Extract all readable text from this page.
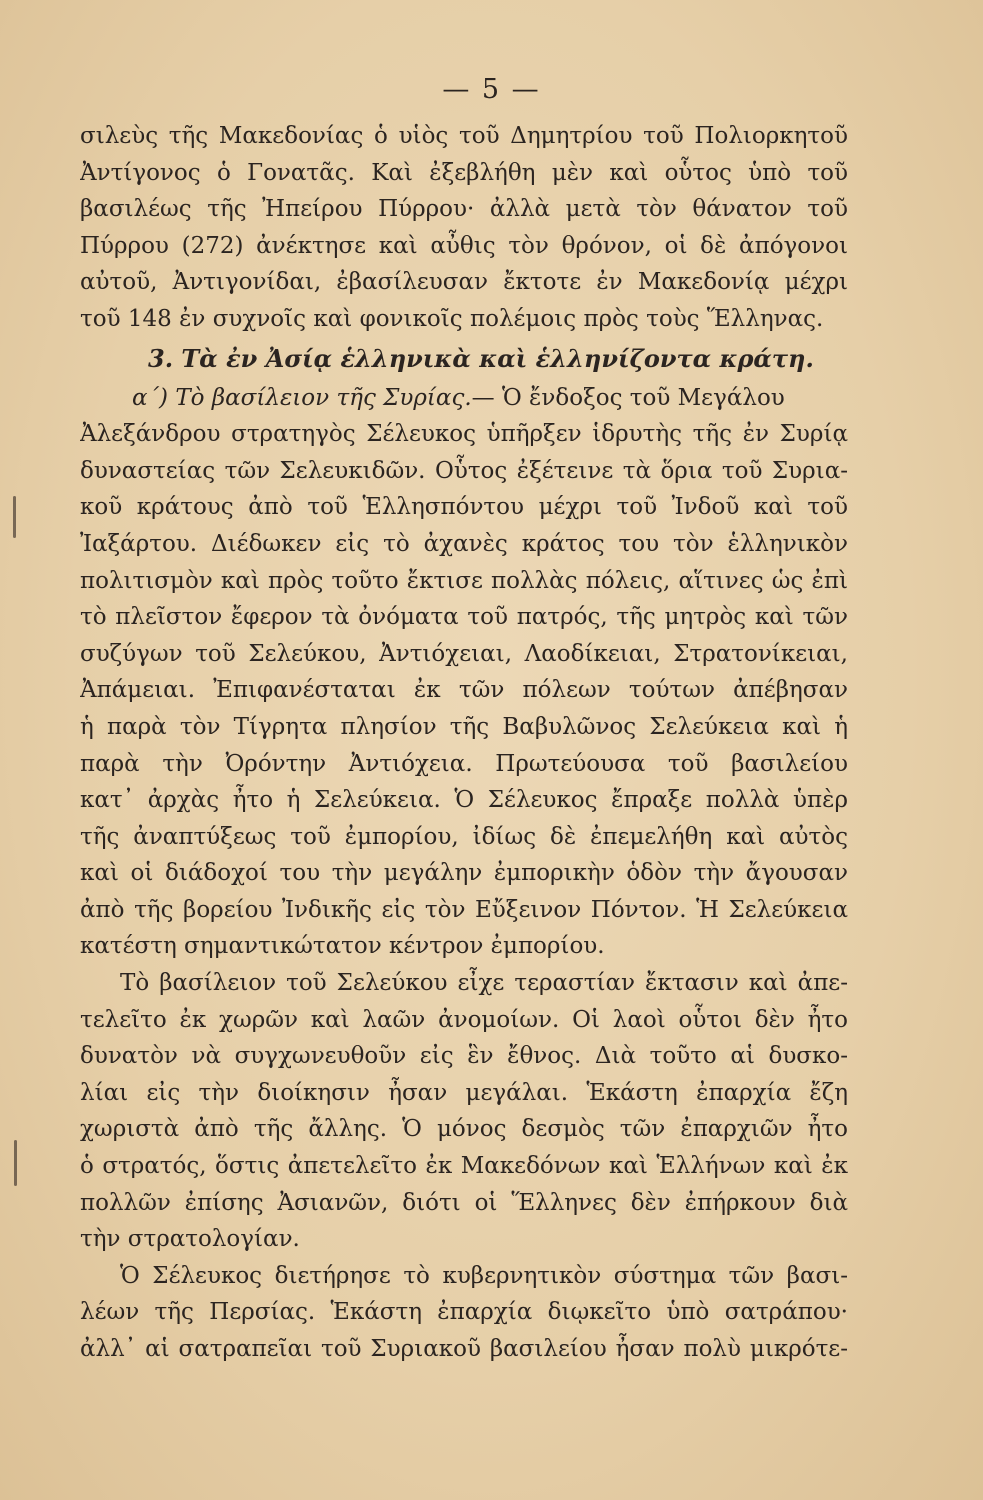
— 5 —
σιλεὺς τῆς Μακεδονίας ὁ υἱὸς τοῦ Δημητρίου τοῦ Πολιορκητοῦ
Ἀντίγονος ὁ Γονατᾶς. Καὶ ἐξεβλήθη μὲν καὶ οὗτος ὑπὸ τοῦ
βασιλέως τῆς Ἠπείρου Πύρρου· ἀλλὰ μετὰ τὸν θάνατον τοῦ
Πύρρου (272) ἀνέκτησε καὶ αὖθις τὸν θρόνον, οἱ δὲ ἀπόγονοι
αὐτοῦ, Ἀντιγονίδαι, ἐβασίλευσαν ἔκτοτε ἐν Μακεδονίᾳ μέχρι
τοῦ 148 ἐν συχνοῖς καὶ φονικοῖς πολέμοις πρὸς τοὺς Ἕλληνας.
3. Τὰ ἐν Ἀσίᾳ ἑλληνικὰ καὶ ἑλληνίζοντα κράτη.
α΄) Τὸ βασίλειον τῆς Συρίας.— Ὁ ἔνδοξος τοῦ Μεγάλου
Ἀλεξάνδρου στρατηγὸς Σέλευκος ὑπῆρξεν ἱδρυτὴς τῆς ἐν Συρίᾳ
δυναστείας τῶν Σελευκιδῶν. Οὗτος ἐξέτεινε τὰ ὅρια τοῦ Συρια-
κοῦ κράτους ἀπὸ τοῦ Ἑλλησπόντου μέχρι τοῦ Ἰνδοῦ καὶ τοῦ
Ἰαξάρτου. Διέδωκεν εἰς τὸ ἀχανὲς κράτος του τὸν ἑλληνικὸν
πολιτισμὸν καὶ πρὸς τοῦτο ἔκτισε πολλὰς πόλεις, αἵτινες ὡς ἐπὶ
τὸ πλεῖστον ἔφερον τὰ ὀνόματα τοῦ πατρός, τῆς μητρὸς καὶ τῶν
συζύγων τοῦ Σελεύκου, Ἀντιόχειαι, Λαοδίκειαι, Στρατονίκειαι,
Ἀπάμειαι. Ἐπιφανέσταται ἐκ τῶν πόλεων τούτων ἀπέβησαν
ἡ παρὰ τὸν Τίγρητα πλησίον τῆς Βαβυλῶνος Σελεύκεια καὶ ἡ
παρὰ τὴν Ὀρόντην Ἀντιόχεια. Πρωτεύουσα τοῦ βασιλείου
κατ᾽ ἀρχὰς ἦτο ἡ Σελεύκεια. Ὁ Σέλευκος ἔπραξε πολλὰ ὑπὲρ
τῆς ἀναπτύξεως τοῦ ἐμπορίου, ἰδίως δὲ ἐπεμελήθη καὶ αὐτὸς
καὶ οἱ διάδοχοί του τὴν μεγάλην ἐμπορικὴν ὁδὸν τὴν ἄγουσαν
ἀπὸ τῆς βορείου Ἰνδικῆς εἰς τὸν Εὔξεινον Πόντον. Ἡ Σελεύκεια
κατέστη σημαντικώτατον κέντρον ἐμπορίου.
Τὸ βασίλειον τοῦ Σελεύκου εἶχε τεραστίαν ἔκτασιν καὶ ἀπε-
τελεῖτο ἐκ χωρῶν καὶ λαῶν ἀνομοίων. Οἱ λαοὶ οὗτοι δὲν ἦτο
δυνατὸν νὰ συγχωνευθοῦν εἰς ἓν ἔθνος. Διὰ τοῦτο αἱ δυσκο-
λίαι εἰς τὴν διοίκησιν ἦσαν μεγάλαι. Ἑκάστη ἐπαρχία ἔζη
χωριστὰ ἀπὸ τῆς ἄλλης. Ὁ μόνος δεσμὸς τῶν ἐπαρχιῶν ἦτο
ὁ στρατός, ὅστις ἀπετελεῖτο ἐκ Μακεδόνων καὶ Ἑλλήνων καὶ ἐκ
πολλῶν ἐπίσης Ἀσιανῶν, διότι οἱ Ἕλληνες δὲν ἐπήρκουν διὰ
τὴν στρατολογίαν.
Ὁ Σέλευκος διετήρησε τὸ κυβερνητικὸν σύστημα τῶν βασι-
λέων τῆς Περσίας. Ἑκάστη ἐπαρχία διῳκεῖτο ὑπὸ σατράπου·
ἀλλ᾽ αἱ σατραπεῖαι τοῦ Συριακοῦ βασιλείου ἦσαν πολὺ μικρότε-
